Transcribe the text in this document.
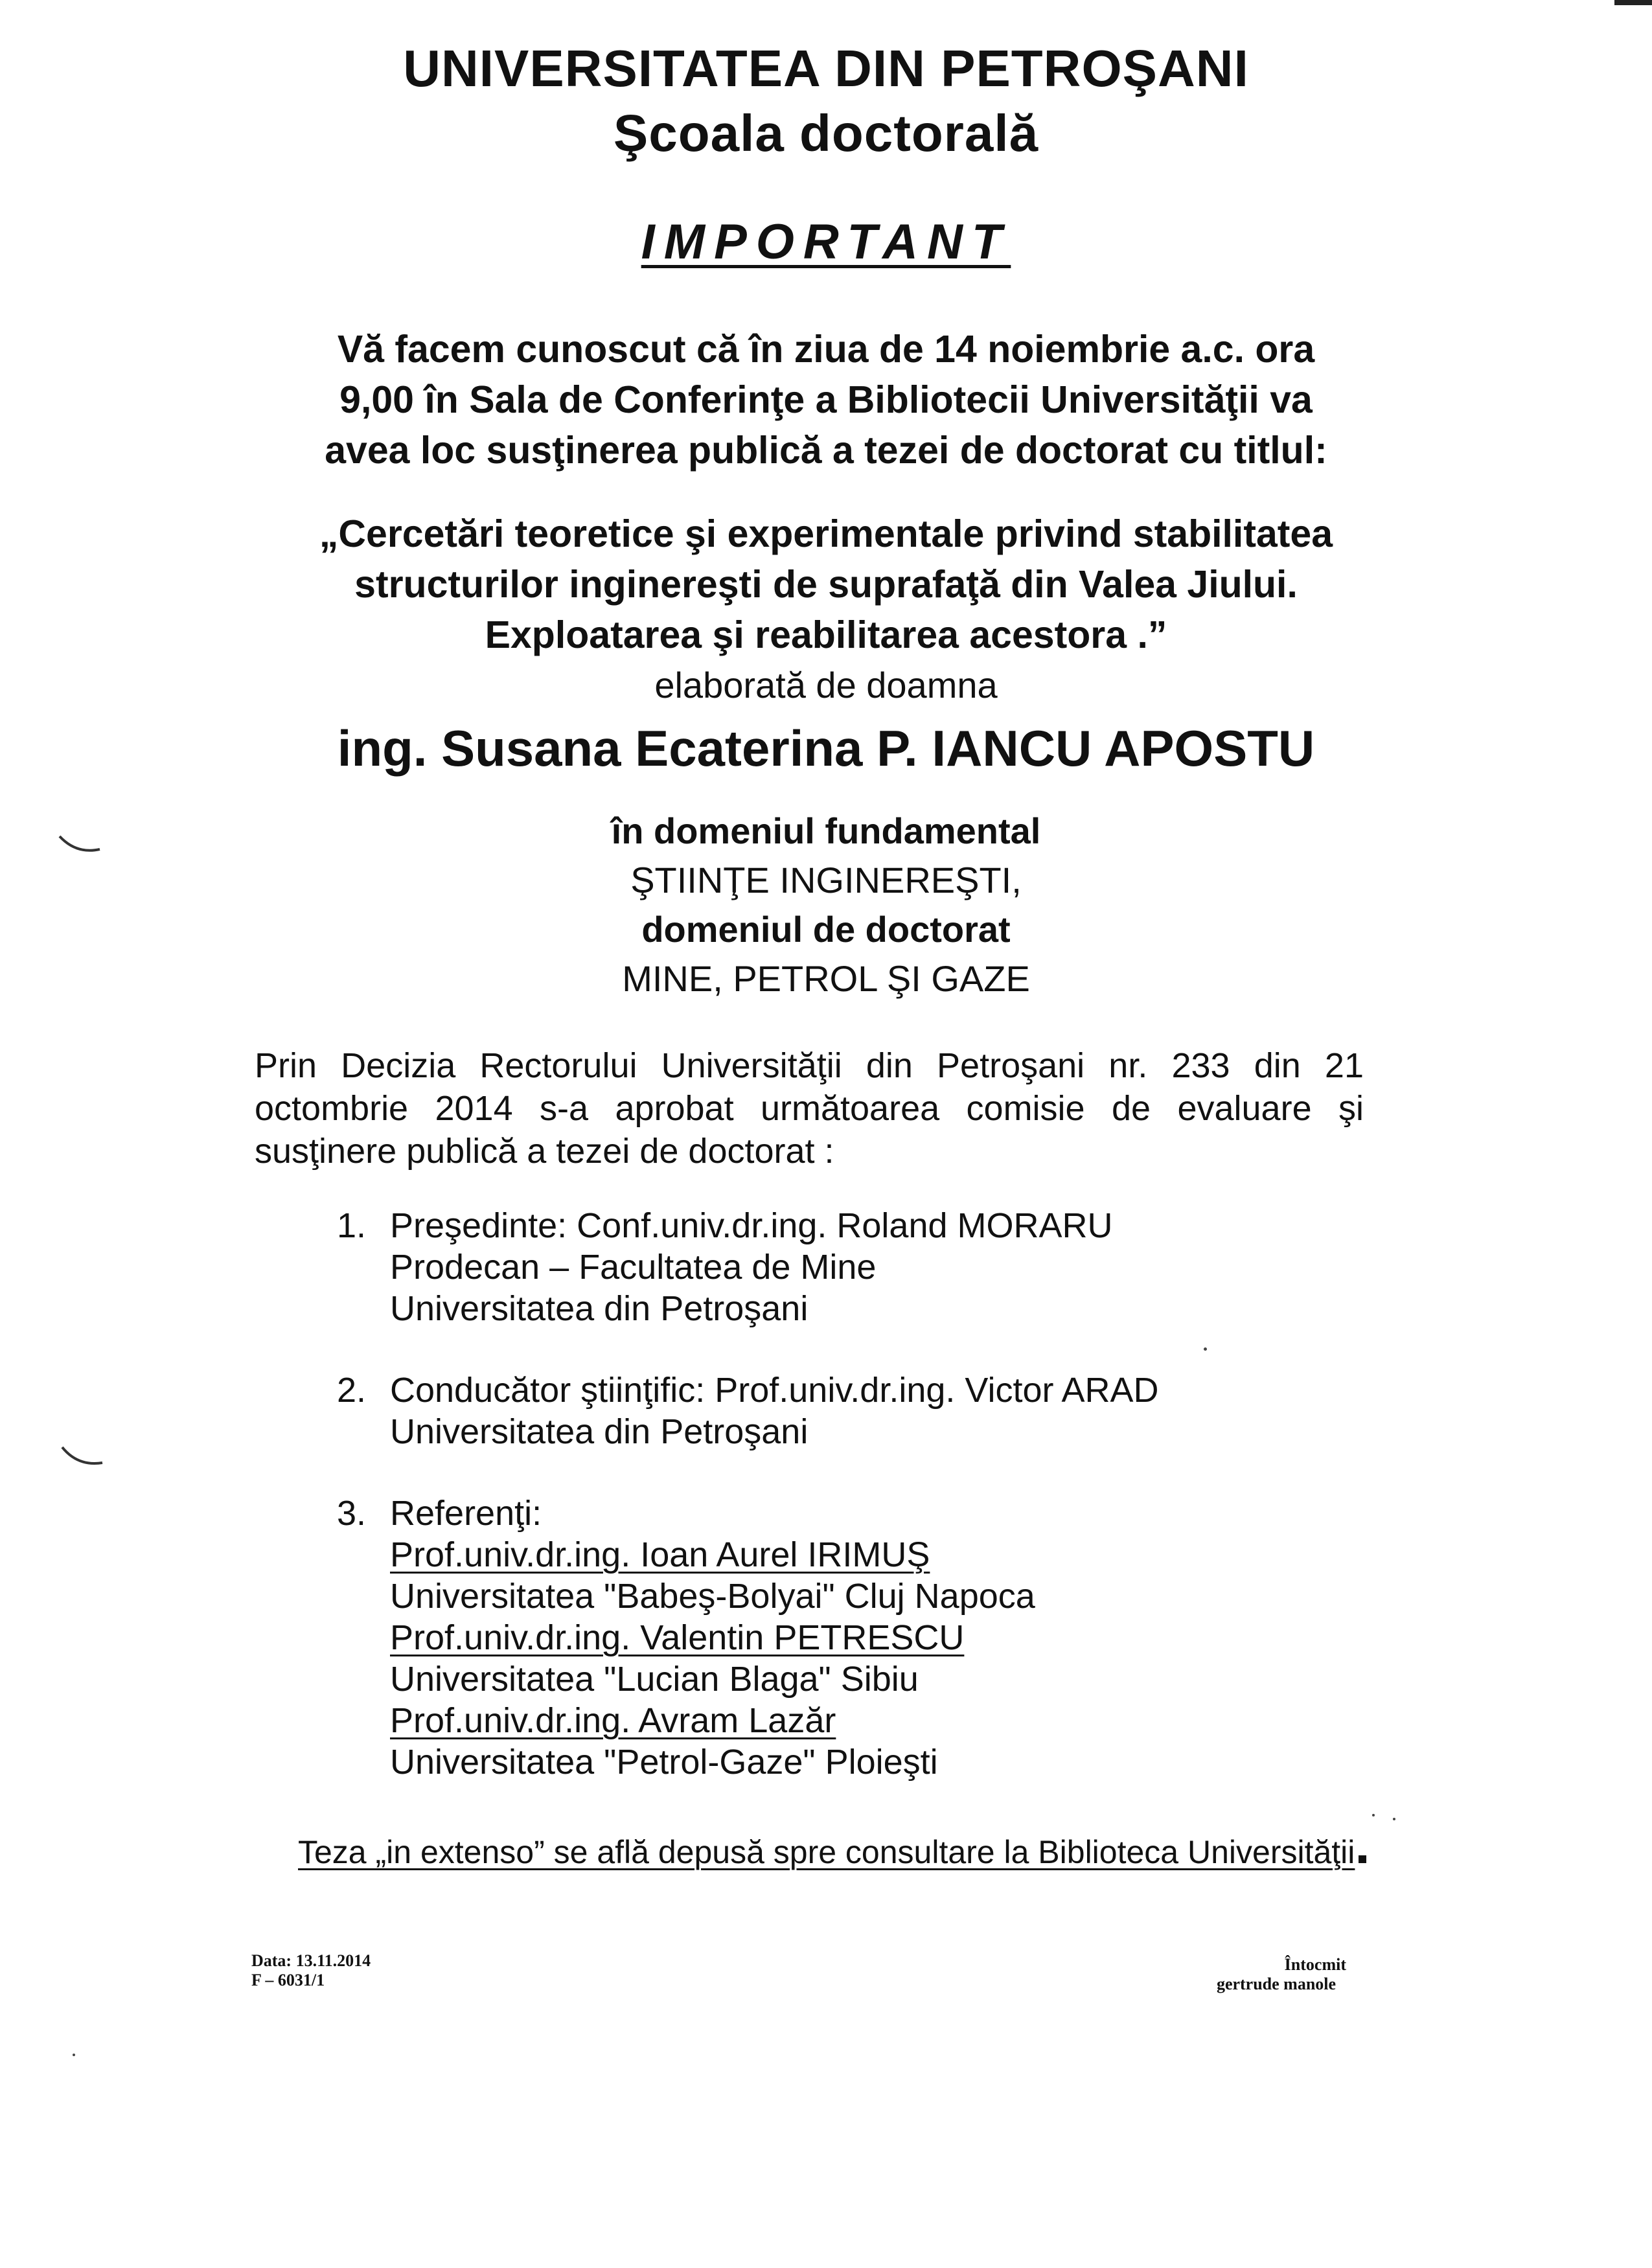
UNIVERSITATEA DIN PETROŞANI
Şcoala doctorală
IMPORTANT
Vă facem cunoscut că în ziua de 14 noiembrie a.c. ora
9,00 în Sala de Conferinţe a Bibliotecii Universităţii va
avea loc susţinerea publică a tezei de doctorat cu titlul:
„Cercetări teoretice şi experimentale privind stabilitatea
structurilor inginereşti de suprafaţă din Valea Jiului.
Exploatarea şi reabilitarea acestora .”
elaborată de doamna
ing. Susana Ecaterina P. IANCU APOSTU
în domeniul fundamental
ŞTIINŢE INGINEREŞTI,
domeniul de doctorat
MINE, PETROL ŞI GAZE
Prin Decizia Rectorului Universităţii din Petroşani nr. 233 din 21
octombrie 2014 s-a aprobat următoarea comisie de evaluare şi
susţinere publică a tezei de doctorat :
1. Preşedinte: Conf.univ.dr.ing. Roland MORARU
Prodecan – Facultatea de Mine
Universitatea din Petroşani
2. Conducător ştiinţific: Prof.univ.dr.ing. Victor ARAD
Universitatea din Petroşani
3. Referenţi:
Prof.univ.dr.ing. Ioan Aurel IRIMUŞ
Universitatea "Babeş-Bolyai" Cluj Napoca
Prof.univ.dr.ing. Valentin PETRESCU
Universitatea "Lucian Blaga" Sibiu
Prof.univ.dr.ing. Avram Lazăr
Universitatea "Petrol-Gaze" Ploieşti
Teza „in extenso” se află depusă spre consultare la Biblioteca Universităţii
Data: 13.11.2014
F – 6031/1
Întocmit
gertrude manole
